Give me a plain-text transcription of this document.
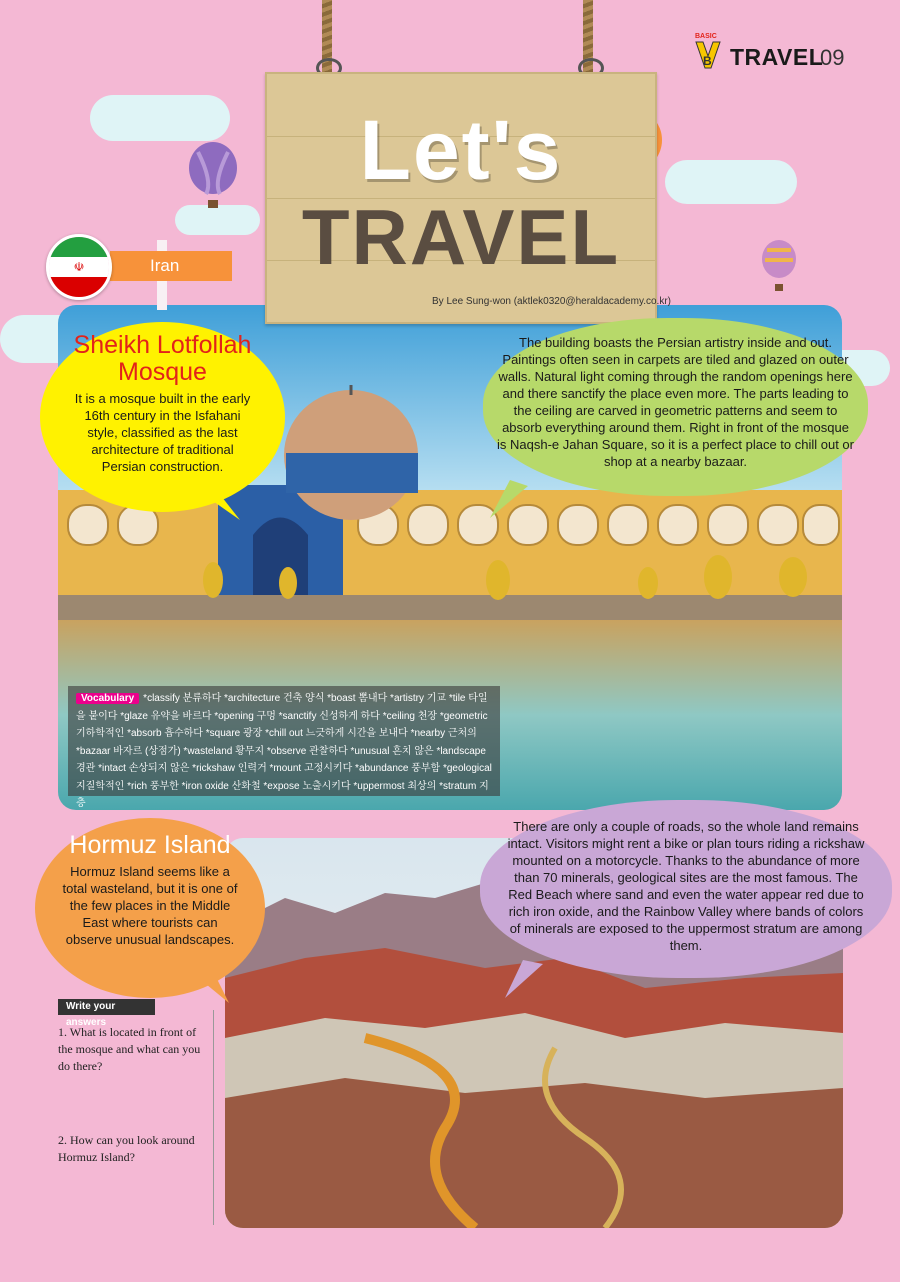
BASIC
B TRAVEL
09
Let's
TRAVEL
By Lee Sung-won (aktlek0320@heraldacademy.co.kr)
Iran
☫
Sheikh Lotfollah Mosque
It is a mosque built in the early 16th century in the Isfahani style, classified as the last architecture of traditional Persian construction.
The building boasts the Persian artistry inside and out. Paintings often seen in carpets are tiled and glazed on outer walls. Natural light coming through the random openings here and there sanctify the place even more. The parts leading to the ceiling are carved in geometric patterns and seem to absorb everything around them. Right in front of the mosque is Naqsh-e Jahan Square, so it is a perfect place to chill out or shop at a nearby bazaar.
Vocabulary *classify 분류하다 *architecture 건축 양식 *boast 뽐내다 *artistry 기교 *tile 타일을 붙이다 *glaze 유약을 바르다 *opening 구멍 *sanctify 신성하게 하다 *ceiling 천장 *geometric 기하학적인 *absorb 흡수하다 *square 광장 *chill out 느긋하게 시간을 보내다 *nearby 근처의 *bazaar 바자르 (상점가) *wasteland 황무지 *observe 관찰하다 *unusual 흔치 않은 *landscape 경관 *intact 손상되지 않은 *rickshaw 인력거 *mount 고정시키다 *abundance 풍부함 *geological 지질학적인 *rich 풍부한 *iron oxide 산화철 *expose 노출시키다 *uppermost 최상의 *stratum 지층
Hormuz Island
Hormuz Island seems like a total wasteland, but it is one of the few places in the Middle East where tourists can observe unusual landscapes.
There are only a couple of roads, so the whole land remains intact. Visitors might rent a bike or plan tours riding a rickshaw mounted on a motorcycle. Thanks to the abundance of more than 70 minerals, geological sites are the most famous. The Red Beach where sand and even the water appear red due to rich iron oxide, and the Rainbow Valley where bands of colors of minerals are exposed to the uppermost stratum are among them.
Write your answers
1. What is located in front of the mosque and what can you do there?
2. How can you look around Hormuz Island?
